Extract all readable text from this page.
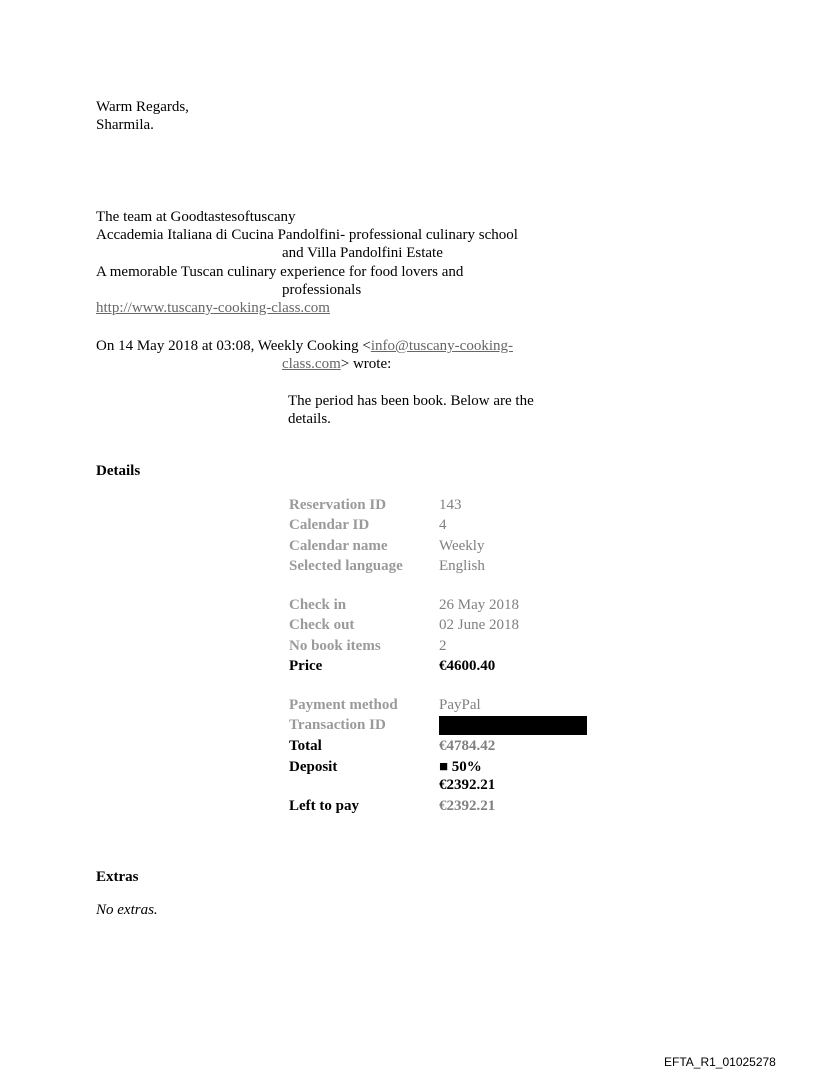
Warm Regards,
Sharmila.
The team at Goodtastesoftuscany
Accademia Italiana di Cucina Pandolfini- professional culinary school
and Villa Pandolfini Estate
A memorable Tuscan culinary experience for food lovers and
professionals
http://www.tuscany-cooking-class.com
On 14 May 2018 at 03:08, Weekly Cooking <info@tuscany-cooking-
class.com> wrote:
The period has been book. Below are the
details.
Details
Reservation ID	143
Calendar ID	4
Calendar name	Weekly
Selected language English
Check in	26 May 2018
Check out	02 June 2018
No book items	2
Price	€4600.40
Payment method	PayPal
Transaction ID
Total	€4784.42
Deposit	■ 50%
€2392.21
Left to pay	€2392.21
Extras
No extras.
EFTA_R1_01025278
